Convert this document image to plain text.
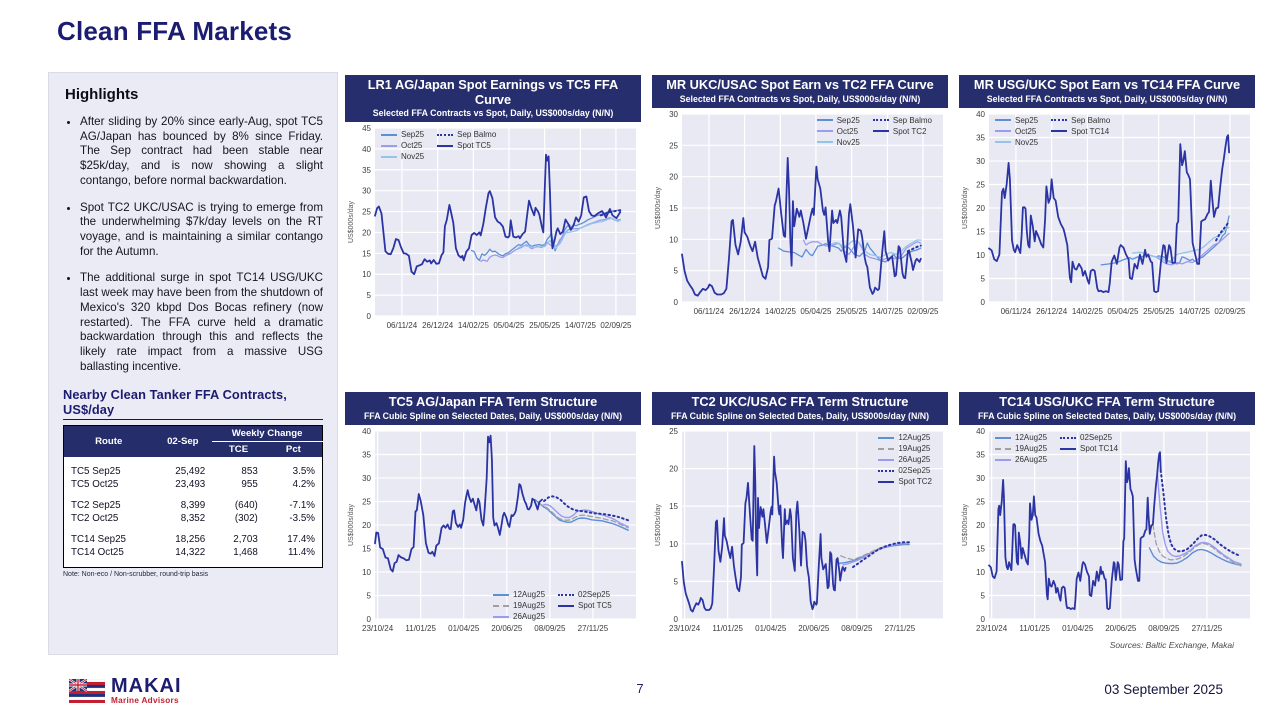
Clean FFA Markets
Highlights
• After sliding by 20% since early-Aug, spot TC5 AG/Japan has bounced by 8% since Friday. The Sep contract had been stable near $25k/day, and is now showing a slight contango, before normal backwardation.
• Spot TC2 UKC/USAC is trying to emerge from the underwhelming $7k/day levels on the RT voyage, and is maintaining a similar contango for the Autumn.
• The additional surge in spot TC14 USG/UKC last week may have been from the shutdown of Mexico's 320 kbpd Dos Bocas refinery (now restarted). The FFA curve held a dramatic backwardation through this and reflects the likely rate impact from a massive USG ballasting incentive.
Nearby Clean Tanker FFA Contracts, US$/day
Route	02-Sep	Weekly Change	
		TCE	Pct

TC5 Sep25	25,492	853	3.5%
TC5 Oct25	23,493	955	4.2%

TC2 Sep25	8,399	(640)	-7.1%
TC2 Oct25	8,352	(302)	-3.5%

TC14 Sep25	18,256	2,703	17.4%
TC14 Oct25	14,322	1,468	11.4%

Note: Non-eco / Non-scrubber, round-trip basis
LR1 AG/Japan Spot Earnings vs TC5 FFA Curve
Selected FFA Contracts vs Spot, Daily, US$000s/day (N/N)
06/11/24 26/12/24 14/02/25 05/04/25 25/05/25 14/07/25 02/09/25
0
5
10
15
20
25
30
35
40
45
US$000s/day
Sep25
Oct25
Nov25
Sep Balmo
Spot TC5
MR UKC/USAC Spot Earn vs TC2 FFA Curve
Selected FFA Contracts vs Spot, Daily, US$000s/day (N/N)
06/11/24 26/12/24 14/02/25 05/04/25 25/05/25 14/07/25 02/09/25
0
5
10
15
20
25
30
US$000s/day
Sep25
Oct25
Nov25
Sep Balmo
Spot TC2
MR USG/UKC Spot Earn vs TC14 FFA Curve
Selected FFA Contracts vs Spot, Daily, US$000s/day (N/N)
06/11/24 26/12/24 14/02/25 05/04/25 25/05/25 14/07/25 02/09/25
0
5
10
15
20
25
30
35
40
US$000s/day
Sep25
Oct25
Nov25
Sep Balmo
Spot TC14
TC5 AG/Japan FFA Term Structure
FFA Cubic Spline on Selected Dates, Daily, US$000s/day (N/N)
23/10/24 11/01/25 01/04/25 20/06/25 08/09/25 27/11/25
0
5
10
15
20
25
30
35
40
US$000s/day
12Aug25
19Aug25
26Aug25
02Sep25
Spot TC5
TC2 UKC/USAC FFA Term Structure
FFA Cubic Spline on Selected Dates, Daily, US$000s/day (N/N)
23/10/24 11/01/25 01/04/25 20/06/25 08/09/25 27/11/25
0
5
10
15
20
25
US$000s/day
12Aug25
19Aug25
26Aug25
02Sep25
Spot TC2
TC14 USG/UKC FFA Term Structure
FFA Cubic Spline on Selected Dates, Daily, US$000s/day (N/N)
23/10/24 11/01/25 01/04/25 20/06/25 08/09/25 27/11/25
0
5
10
15
20
25
30
35
40
US$000s/day
12Aug25
19Aug25
26Aug25
02Sep25
Spot TC14
Sources: Baltic Exchange, Makai
MAKAI
Marine Advisors
7	03 September 2025
